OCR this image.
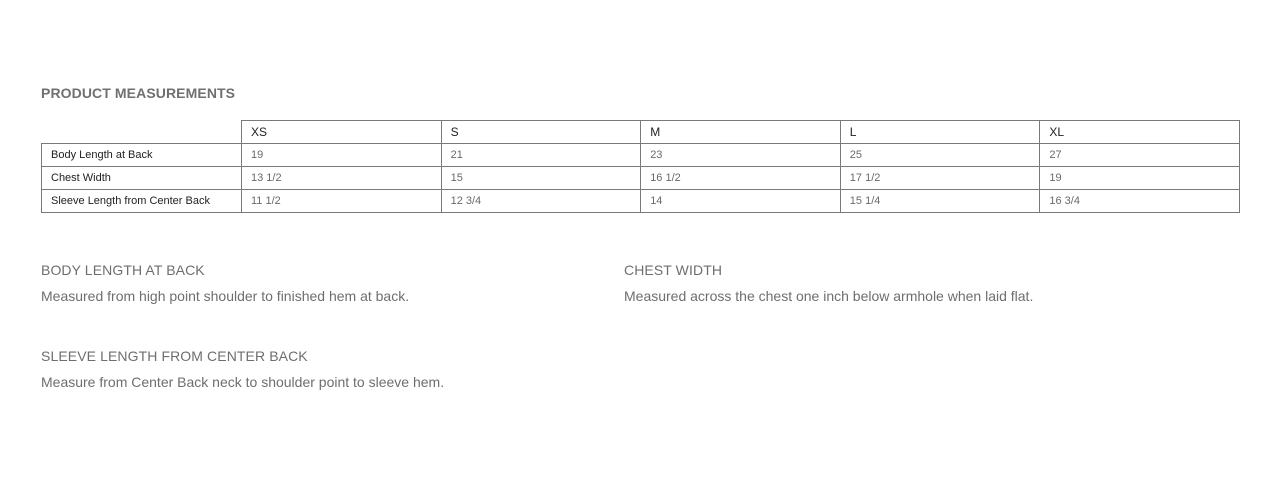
PRODUCT MEASUREMENTS
	XS	S	M	L	XL
Body Length at Back	19	21	23	25	27
Chest Width	13 1/2	15	16 1/2	17 1/2	19
Sleeve Length from Center Back	11 1/2	12 3/4	14	15 1/4	16 3/4

BODY LENGTH AT BACK

Measured from high point shoulder to finished hem at back.

CHEST WIDTH

Measured across the chest one inch below armhole when laid flat.

SLEEVE LENGTH FROM CENTER BACK

Measure from Center Back neck to shoulder point to sleeve hem.
